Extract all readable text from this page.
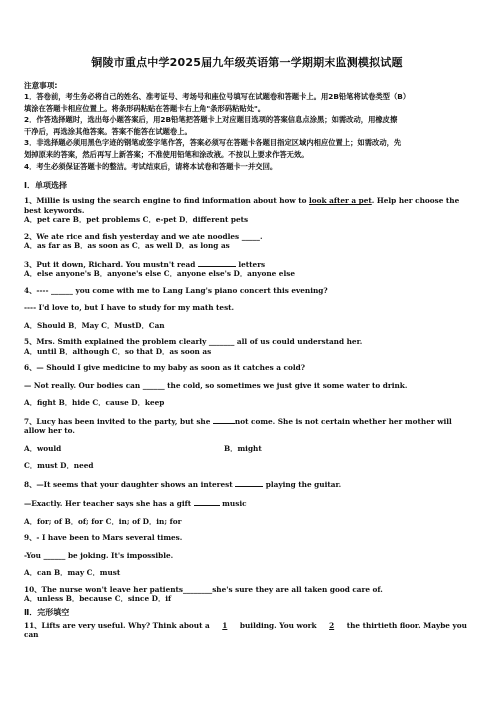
铜陵市重点中学2025届九年级英语第一学期期末监测模拟试题
注意事项:

1．答卷前，考生务必将自己的姓名、准考证号、考场号和座位号填写在试题卷和答题卡上。用2B铅笔将试卷类型（B）

填涂在答题卡相应位置上。将条形码粘贴在答题卡右上角"条形码粘贴处"。

2．作答选择题时，选出每小题答案后，用2B铅笔把答题卡上对应题目选项的答案信息点涂黑；如需改动，用橡皮擦

干净后，再选涂其他答案。答案不能答在试题卷上。

3．非选择题必须用黑色字迹的钢笔或签字笔作答，答案必须写在答题卡各题目指定区域内相应位置上；如需改动，先

划掉原来的答案，然后再写上新答案；不准使用铅笔和涂改液。不按以上要求作答无效。

4．考生必须保证答题卡的整洁。考试结束后，请将本试卷和答题卡一并交回。

Ⅰ．单项选择

1、Millie is using the search engine to find information about how to look after a pet. Help her choose the best keywords.

A．pet care B．pet problems C．e-pet D．different pets

2、We ate rice and fish yesterday and we ate noodles _____.

A．as far as B．as soon as C．as well D．as long as

3、Put it down, Richard. You mustn't read	letters

A．else anyone's B．anyone's else C．anyone else's D．anyone else

4、---- ______ you come with me to Lang Lang's piano concert this evening?

---- I'd love to, but I have to study for my math test.

A．Should B．May C．MustD．Can

5、Mrs. Smith explained the problem clearly _______ all of us could understand her.

A．until B．although C．so that D．as soon as

6、— Should I give medicine to my baby as soon as it catches a cold?

— Not really. Our bodies can ______ the cold, so sometimes we just give it some water to drink.

A．fight B．hide C．cause D．keep

7、Lucy has been invited to the party, but she	not come. She is not certain whether her mother will allow her to.

A．would	B．might

C．must D．need

8、—It seems that your daughter shows an interest	playing the guitar.

—Exactly. Her teacher says she has a gift	music

A．for; of B．of; for C．in; of D．in; for

9、- I have been to Mars several times.

-You ______ be joking. It's impossible.

A．can B．may C．must

10、The nurse won't leave her patients________she's sure they are all taken good care of.

A．unless B．because C．since D．if

Ⅱ．完形填空

11、Lifts are very useful. Why? Think about a 1 building. You work 2 the thirtieth floor. Maybe you can
